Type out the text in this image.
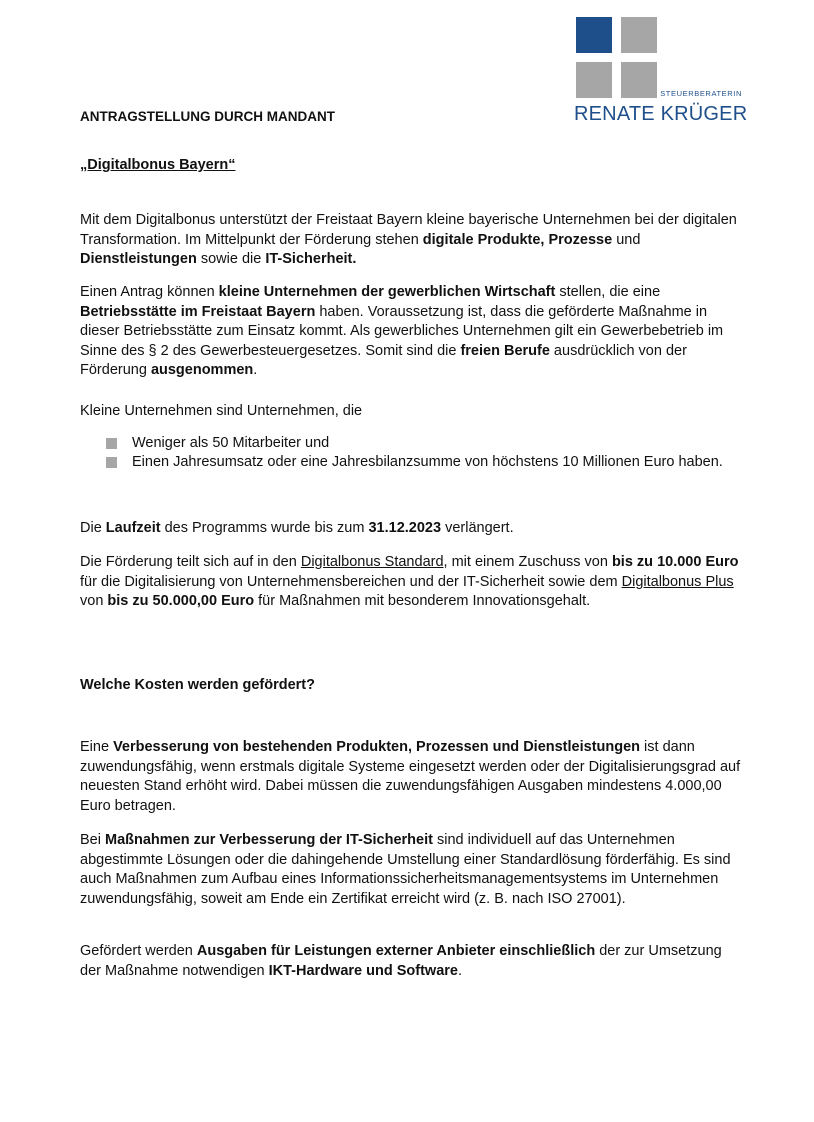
STEUERBERATERIN
RENATE KRÜGER
ANTRAGSTELLUNG DURCH MANDANT
„Digitalbonus Bayern“

Mit dem Digitalbonus unterstützt der Freistaat Bayern kleine bayerische Unternehmen bei der digitalen Transformation. Im Mittelpunkt der Förderung stehen digitale Produkte, Prozesse und Dienstleistungen sowie die IT-Sicherheit.

Einen Antrag können kleine Unternehmen der gewerblichen Wirtschaft stellen, die eine Betriebsstätte im Freistaat Bayern haben. Voraussetzung ist, dass die geförderte Maßnahme in dieser Betriebsstätte zum Einsatz kommt. Als gewerbliches Unternehmen gilt ein Gewerbebetrieb im Sinne des § 2 des Gewerbesteuergesetzes. Somit sind die freien Berufe ausdrücklich von der Förderung ausgenommen.

Kleine Unternehmen sind Unternehmen, die

Weniger als 50 Mitarbeiter und
Einen Jahresumsatz oder eine Jahresbilanzsumme von höchstens 10 Millionen Euro haben.

Die Laufzeit des Programms wurde bis zum 31.12.2023 verlängert.

Die Förderung teilt sich auf in den Digitalbonus Standard, mit einem Zuschuss von bis zu 10.000 Euro für die Digitalisierung von Unternehmensbereichen und der IT-Sicherheit sowie dem Digitalbonus Plus von bis zu 50.000,00 Euro für Maßnahmen mit besonderem Innovationsgehalt.

Welche Kosten werden gefördert?

Eine Verbesserung von bestehenden Produkten, Prozessen und Dienstleistungen ist dann zuwendungsfähig, wenn erstmals digitale Systeme eingesetzt werden oder der Digitalisierungsgrad auf neuesten Stand erhöht wird. Dabei müssen die zuwendungsfähigen Ausgaben mindestens 4.000,00 Euro betragen.

Bei Maßnahmen zur Verbesserung der IT-Sicherheit sind individuell auf das Unternehmen abgestimmte Lösungen oder die dahingehende Umstellung einer Standardlösung förderfähig. Es sind auch Maßnahmen zum Aufbau eines Informationssicherheitsmanagementsystems im Unternehmen zuwendungsfähig, soweit am Ende ein Zertifikat erreicht wird (z. B. nach ISO 27001).

Gefördert werden Ausgaben für Leistungen externer Anbieter einschließlich der zur Umsetzung der Maßnahme notwendigen IKT-Hardware und Software.
